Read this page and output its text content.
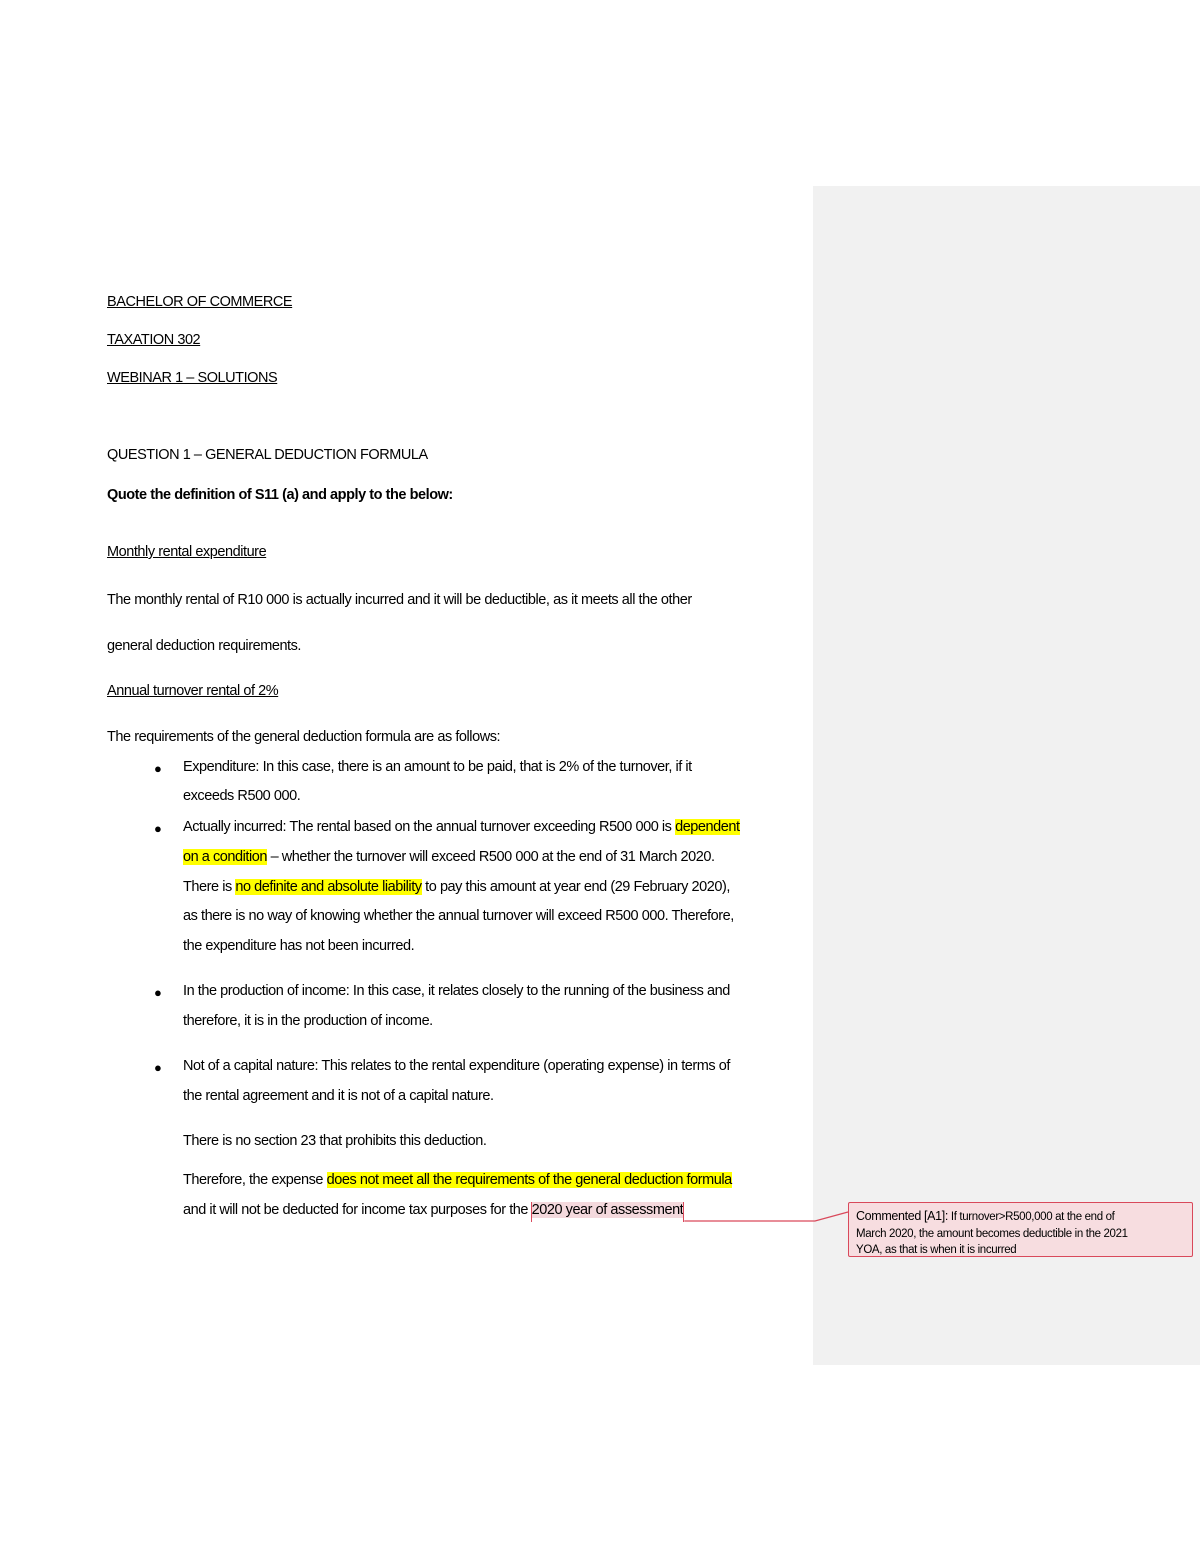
BACHELOR OF COMMERCE
TAXATION 302
WEBINAR 1 – SOLUTIONS
QUESTION 1 – GENERAL DEDUCTION FORMULA
Quote the definition of S11 (a) and apply to the below:
Monthly rental expenditure
The monthly rental of R10 000 is actually incurred and it will be deductible, as it meets all the other
general deduction requirements.
Annual turnover rental of 2%
The requirements of the general deduction formula are as follows:
● Expenditure: In this case, there is an amount to be paid, that is 2% of the turnover, if it
exceeds R500 000.
● Actually incurred: The rental based on the annual turnover exceeding R500 000 is dependent
on a condition – whether the turnover will exceed R500 000 at the end of 31 March 2020.
There is no definite and absolute liability to pay this amount at year end (29 February 2020),
as there is no way of knowing whether the annual turnover will exceed R500 000. Therefore,
the expenditure has not been incurred.
● In the production of income: In this case, it relates closely to the running of the business and
therefore, it is in the production of income.
● Not of a capital nature: This relates to the rental expenditure (operating expense) in terms of
the rental agreement and it is not of a capital nature.
There is no section 23 that prohibits this deduction.
Therefore, the expense does not meet all the requirements of the general deduction formula
and it will not be deducted for income tax purposes for the 2020 year of assessment	Commented [A1]: If turnover>R500,000 at the end of
March 2020, the amount becomes deductible in the 2021
YOA, as that is when it is incurred
